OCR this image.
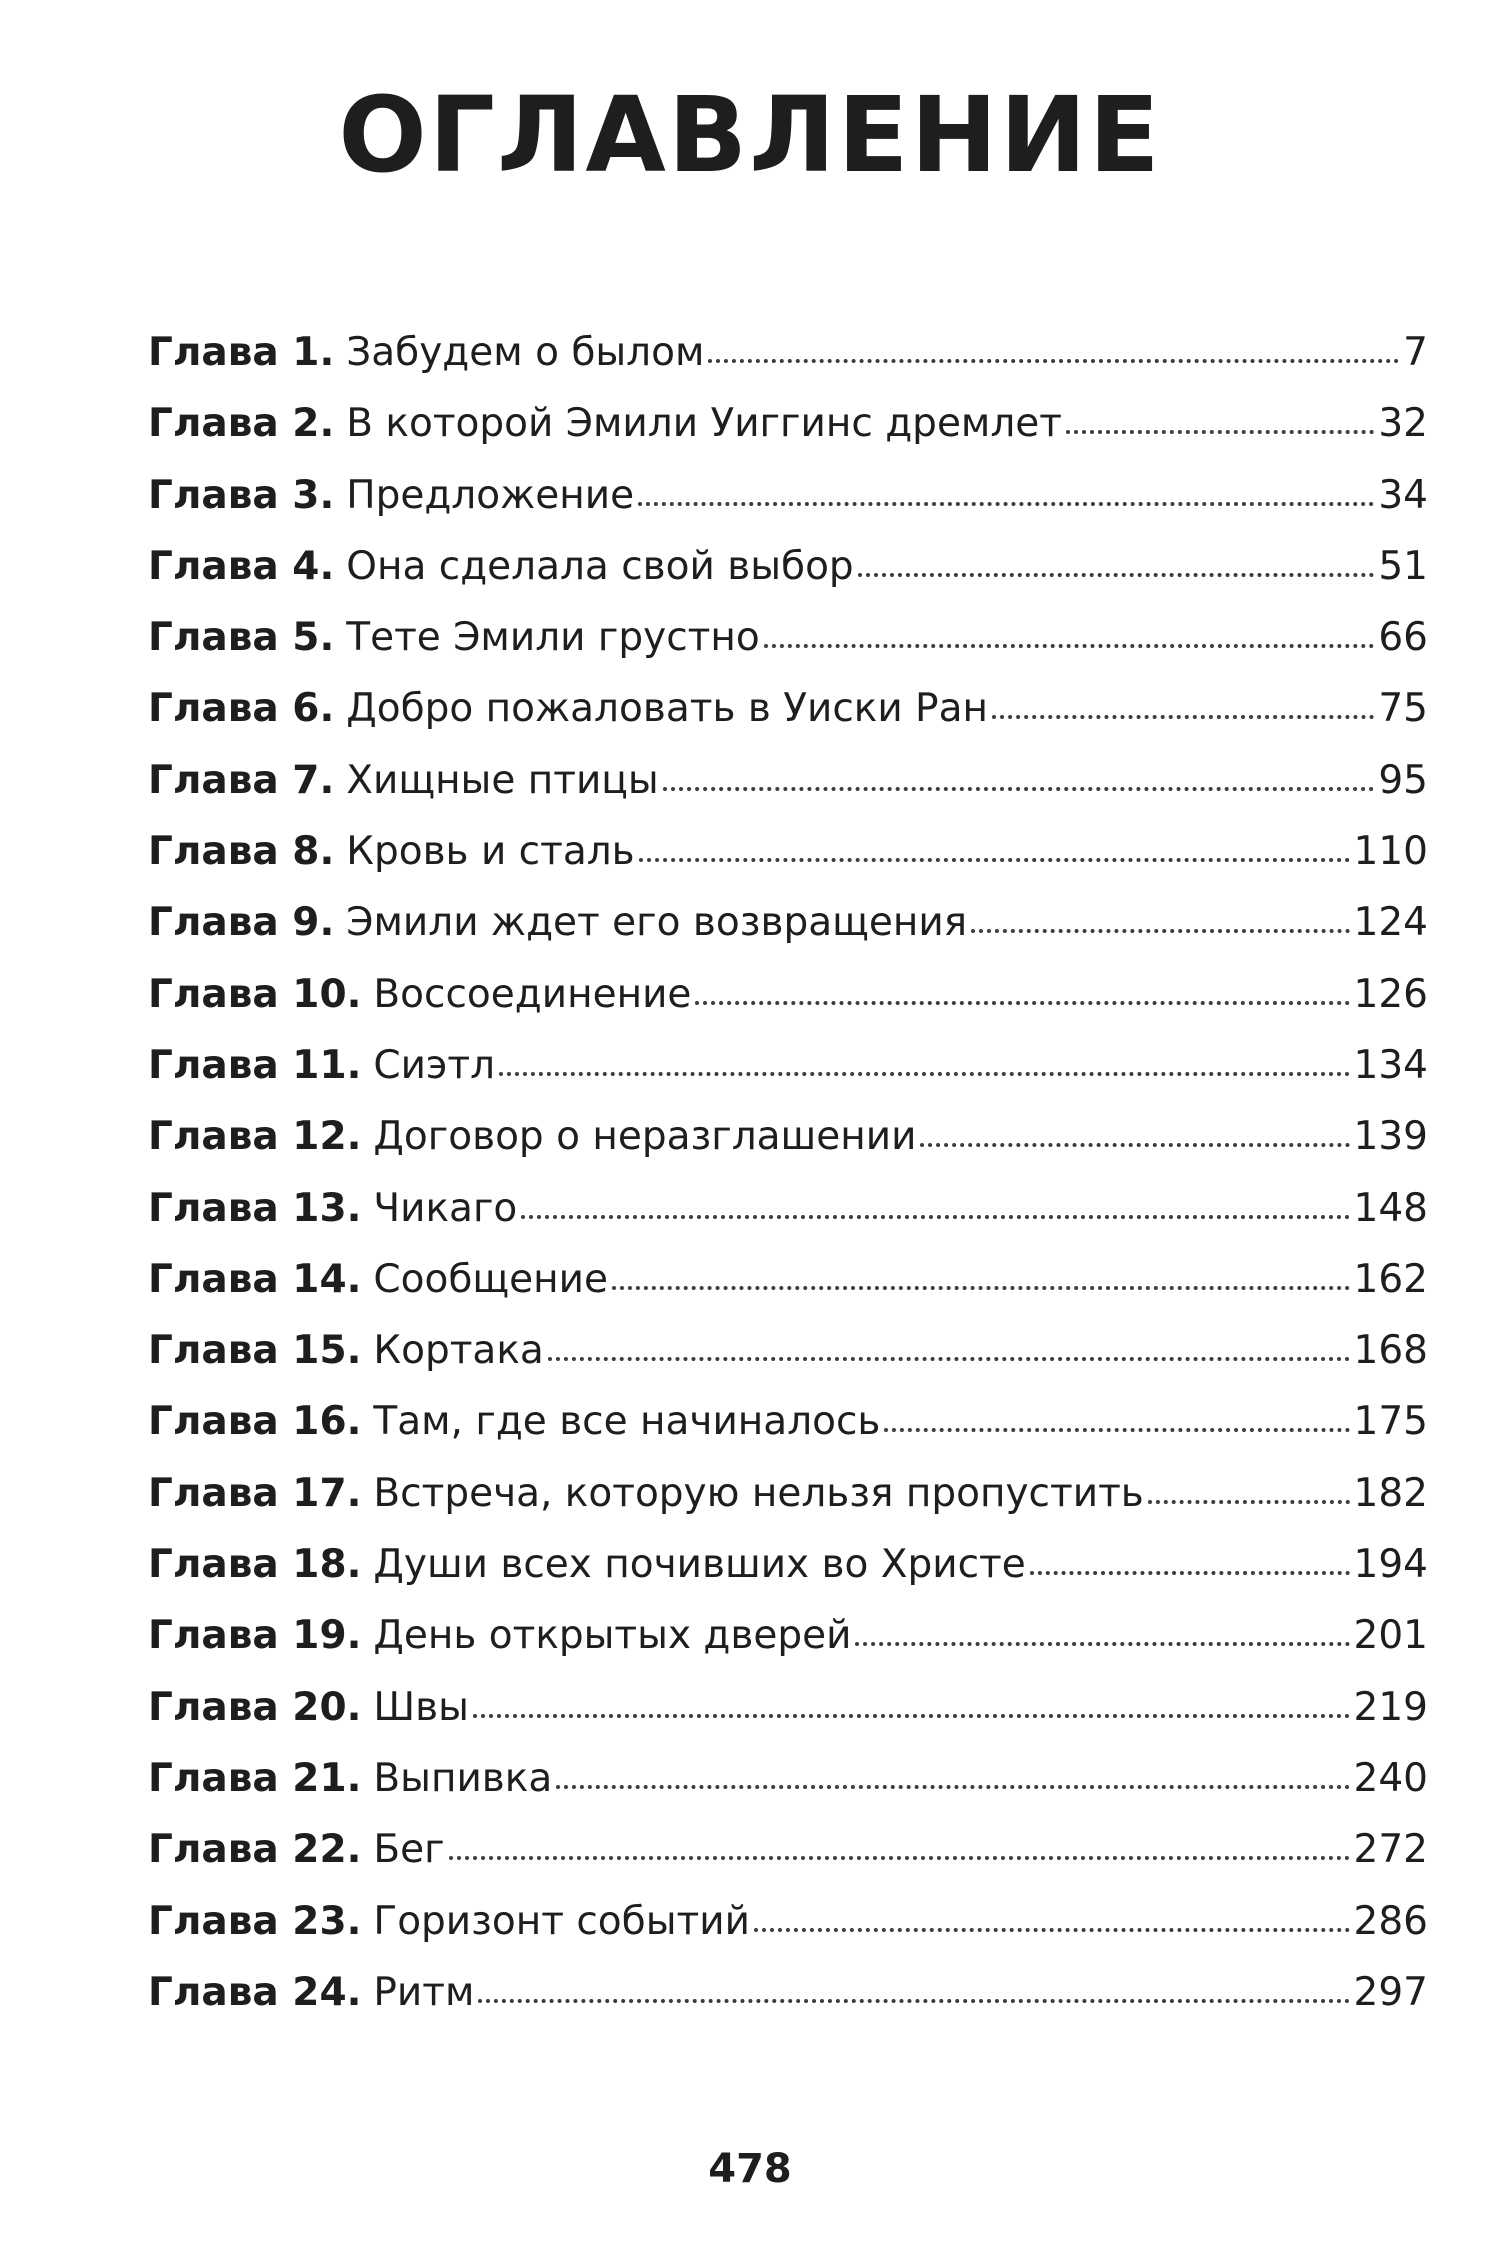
ОГЛАВЛЕНИЕ
Глава 1. Забудем о былом	7
Глава 2. В которой Эмили Уиггинс дремлет	32
Глава 3. Предложение	34
Глава 4. Она сделала свой выбор	51
Глава 5. Тете Эмили грустно	66
Глава 6. Добро пожаловать в Уиски Ран	75
Глава 7. Хищные птицы	95
Глава 8. Кровь и сталь	110
Глава 9. Эмили ждет его возвращения	124
Глава 10. Воссоединение	126
Глава 11. Сиэтл	134
Глава 12. Договор о неразглашении	139
Глава 13. Чикаго	148
Глава 14. Сообщение	162
Глава 15. Кортака	168
Глава 16. Там, где все начиналось	175
Глава 17. Встреча, которую нельзя пропустить	182
Глава 18. Души всех почивших во Христе	194
Глава 19. День открытых дверей	201
Глава 20. Швы	219
Глава 21. Выпивка	240
Глава 22. Бег	272
Глава 23. Горизонт событий	286
Глава 24. Ритм	297
478
